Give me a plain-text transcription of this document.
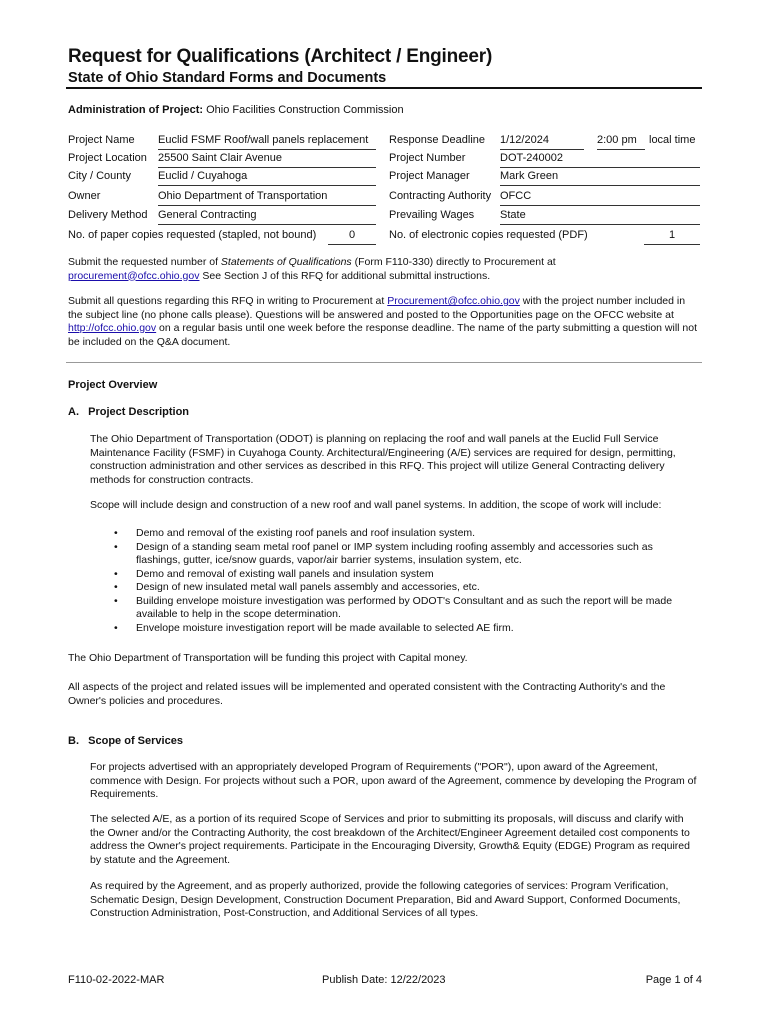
Request for Qualifications (Architect / Engineer)
State of Ohio Standard Forms and Documents
Administration of Project: Ohio Facilities Construction Commission
Project Name Euclid FSMF Roof/wall panels replacement	Response Deadline 1/12/2024	2:00 pm	local time
Project Location 25500 Saint Clair Avenue	Project Number	DOT-240002
City / County Euclid / Cuyahoga	Project Manager	Mark Green
Owner	Ohio Department of Transportation	Contracting Authority OFCC
Delivery Method General Contracting	Prevailing Wages State
No. of paper copies requested (stapled, not bound)	0	No. of electronic copies requested (PDF)	1
Submit the requested number of Statements of Qualifications (Form F110-330) directly to Procurement at
procurement@ofcc.ohio.gov See Section J of this RFQ for additional submittal instructions.
Submit all questions regarding this RFQ in writing to Procurement at Procurement@ofcc.ohio.gov with the project number included in the subject line (no phone calls please). Questions will be answered and posted to the Opportunities page on the OFCC website at http://ofcc.ohio.gov on a regular basis until one week before the response deadline. The name of the party submitting a question will not be included on the Q&A document.
Project Overview
A.   Project Description
The Ohio Department of Transportation (ODOT) is planning on replacing the roof and wall panels at the Euclid Full Service Maintenance Facility (FSMF) in Cuyahoga County. Architectural/Engineering (A/E) services are required for design, permitting, construction administration and other services as described in this RFQ. This project will utilize General Contracting delivery methods for construction contracts.
Scope will include design and construction of a new roof and wall panel systems. In addition, the scope of work will include:
• Demo and removal of the existing roof panels and roof insulation system.
• Design of a standing seam metal roof panel or IMP system including roofing assembly and accessories such as flashings, gutter, ice/snow guards, vapor/air barrier systems, insulation system, etc.
• Demo and removal of existing wall panels and insulation system
• Design of new insulated metal wall panels assembly and accessories, etc.
• Building envelope moisture investigation was performed by ODOT's Consultant and as such the report will be made available to help in the scope determination.
• Envelope moisture investigation report will be made available to selected AE firm.
The Ohio Department of Transportation will be funding this project with Capital money.
All aspects of the project and related issues will be implemented and operated consistent with the Contracting Authority's and the Owner's policies and procedures.
B.   Scope of Services
For projects advertised with an appropriately developed Program of Requirements ("POR"), upon award of the Agreement, commence with Design. For projects without such a POR, upon award of the Agreement, commence by developing the Program of Requirements.
The selected A/E, as a portion of its required Scope of Services and prior to submitting its proposals, will discuss and clarify with the Owner and/or the Contracting Authority, the cost breakdown of the Architect/Engineer Agreement detailed cost components to address the Owner's project requirements. Participate in the Encouraging Diversity, Growth& Equity (EDGE) Program as required by statute and the Agreement.
As required by the Agreement, and as properly authorized, provide the following categories of services: Program Verification, Schematic Design, Design Development, Construction Document Preparation, Bid and Award Support, Conformed Documents, Construction Administration, Post-Construction, and Additional Services of all types.
F110-02-2022-MAR	Publish Date: 12/22/2023	Page 1 of 4
